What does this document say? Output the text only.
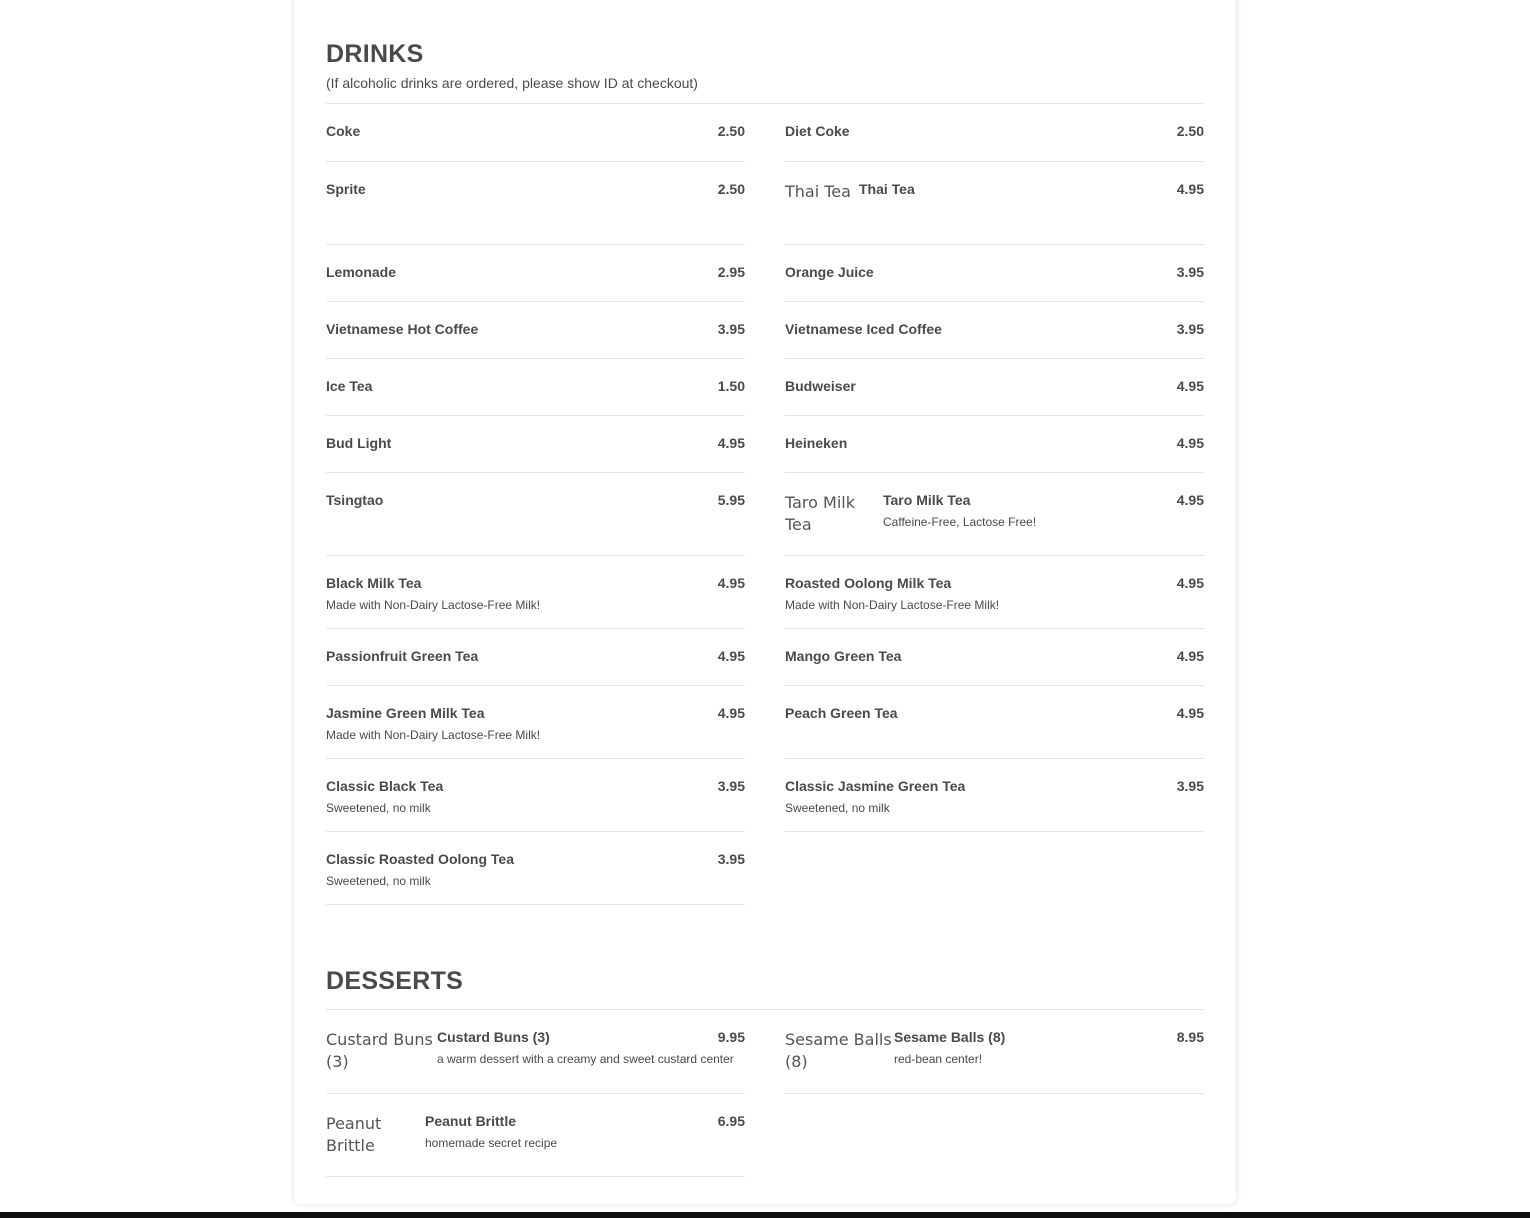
DRINKS

(If alcoholic drinks are ordered, please show ID at checkout)

Coke	2.50	Diet Coke	2.50
Sprite	2.50	Thai Tea Thai Tea	4.95
Lemonade	2.95	Orange Juice	3.95
Vietnamese Hot Coffee	3.95	Vietnamese Iced Coffee	3.95
Ice Tea	1.50	Budweiser	4.95
Bud Light	4.95	Heineken	4.95
Tsingtao	5.95	Taro Milk Tea
Taro Milk Tea	4.95
Caffeine-Free, Lactose Free!
Black Milk Tea	4.95
Made with Non-Dairy Lactose-Free Milk!
Roasted Oolong Milk Tea	4.95
Made with Non-Dairy Lactose-Free Milk!
Passionfruit Green Tea	4.95	Mango Green Tea	4.95
Jasmine Green Milk Tea	4.95
Made with Non-Dairy Lactose-Free Milk!
Peach Green Tea	4.95
Classic Black Tea	3.95
Sweetened, no milk
Classic Jasmine Green Tea	3.95
Sweetened, no milk
Classic Roasted Oolong Tea	3.95
Sweetened, no milk
DESSERTS
Custard Buns (3)
Custard Buns (3)	9.95
a warm dessert with a creamy and sweet custard center
Sesame Balls (8)
Sesame Balls (8)	8.95
red-bean center!
Peanut Brittle
Peanut Brittle	6.95
homemade secret recipe
